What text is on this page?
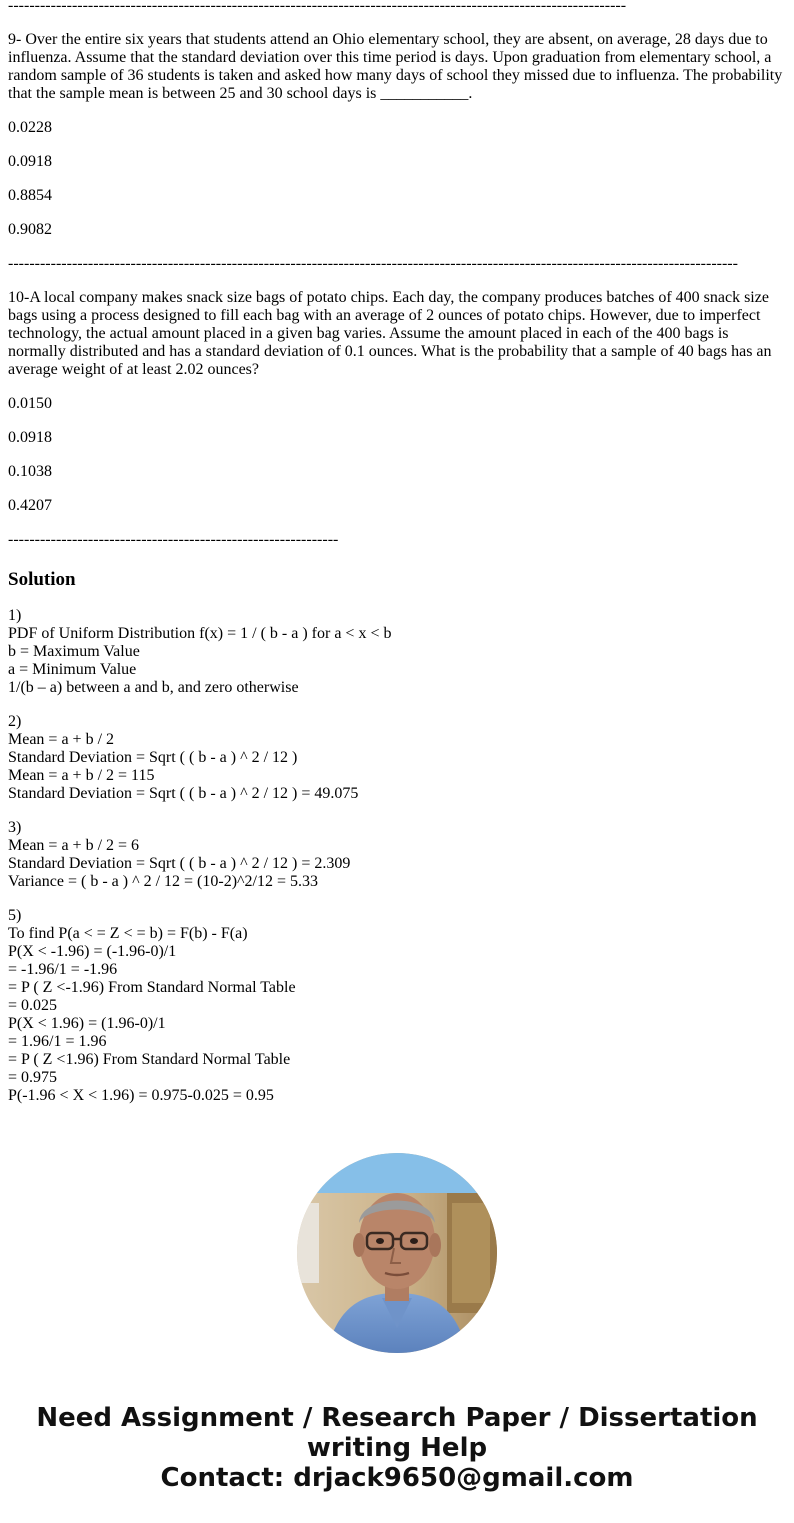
--------------------------------------------------------------------------------------------------------------------

9- Over the entire six years that students attend an Ohio elementary school, they are absent, on average, 28 days due to influenza. Assume that the standard deviation over this time period is days. Upon graduation from elementary school, a random sample of 36 students is taken and asked how many days of school they missed due to influenza. The probability that the sample mean is between 25 and 30 school days is ___________.

0.0228

0.0918

0.8854

0.9082

-----------------------------------------------------------------------------------------------------------------------------------------

10-A local company makes snack size bags of potato chips. Each day, the company produces batches of 400 snack size bags using a process designed to fill each bag with an average of 2 ounces of potato chips. However, due to imperfect technology, the actual amount placed in a given bag varies. Assume the amount placed in each of the 400 bags is normally distributed and has a standard deviation of 0.1 ounces. What is the probability that a sample of 40 bags has an average weight of at least 2.02 ounces?

0.0150

0.0918

0.1038

0.4207

--------------------------------------------------------------
Solution
1)
PDF of Uniform Distribution f(x) = 1 / ( b - a ) for a < x < b
b = Maximum Value
a = Minimum Value
1/(b – a) between a and b, and zero otherwise
2)
Mean = a + b / 2
Standard Deviation = Sqrt ( ( b - a ) ^ 2 / 12 )
Mean = a + b / 2 = 115
Standard Deviation = Sqrt ( ( b - a ) ^ 2 / 12 ) = 49.075
3)
Mean = a + b / 2 = 6
Standard Deviation = Sqrt ( ( b - a ) ^ 2 / 12 ) = 2.309
Variance = ( b - a ) ^ 2 / 12 = (10-2)^2/12 = 5.33
5)
To find P(a < = Z < = b) = F(b) - F(a)
P(X < -1.96) = (-1.96-0)/1
= -1.96/1 = -1.96
= P ( Z <-1.96) From Standard Normal Table
= 0.025
P(X < 1.96) = (1.96-0)/1
= 1.96/1 = 1.96
= P ( Z <1.96) From Standard Normal Table
= 0.975
P(-1.96 < X < 1.96) = 0.975-0.025 = 0.95
Need Assignment / Research Paper / Dissertation
writing Help
Contact: drjack9650@gmail.com
